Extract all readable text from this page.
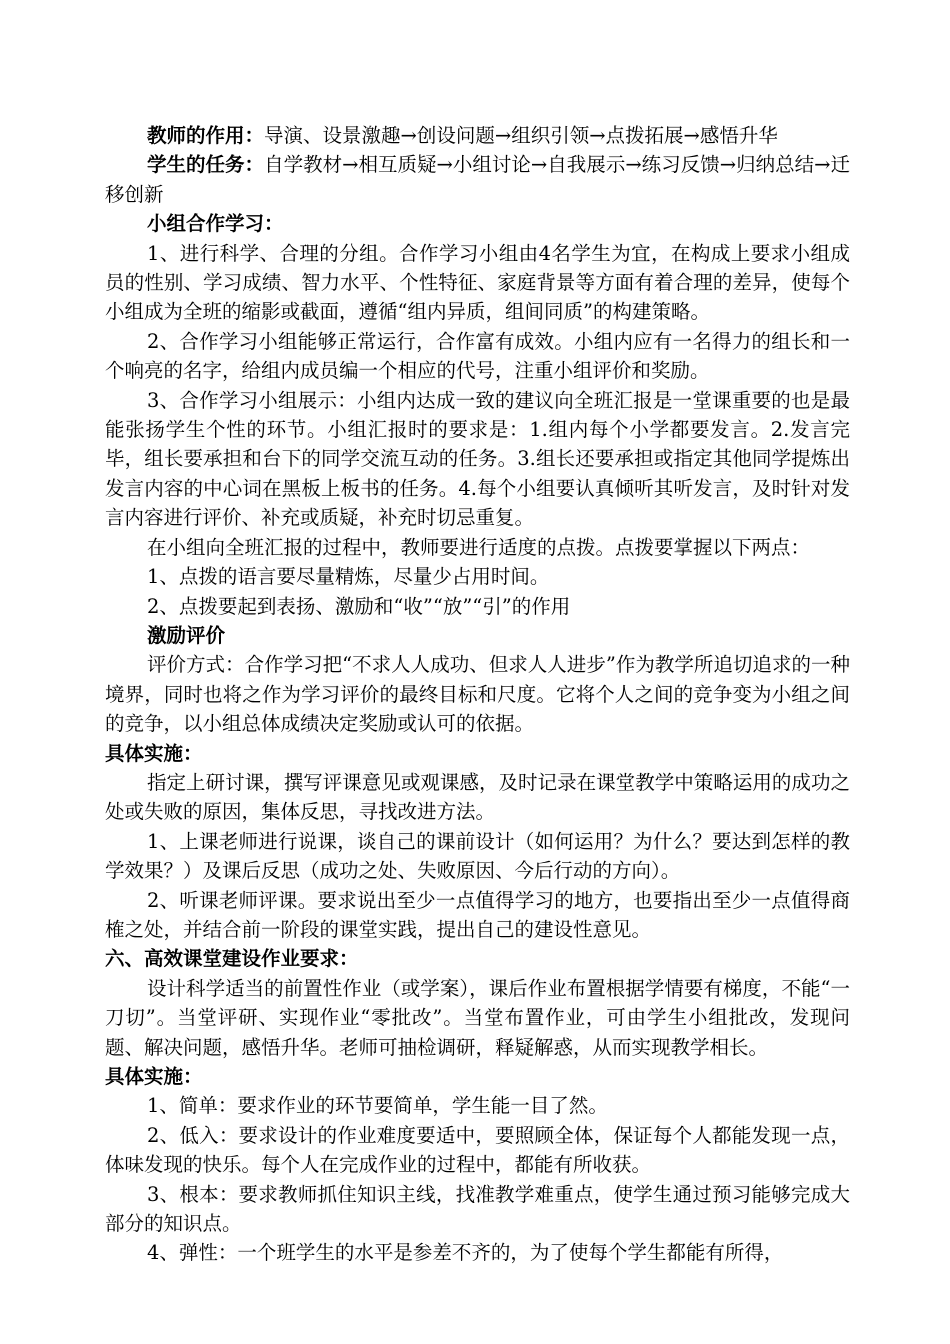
教师的作用：导演、设景激趣→创设问题→组织引领→点拨拓展→感悟升华

学生的任务：自学教材→相互质疑→小组讨论→自我展示→练习反馈→归纳总结→迁移创新

小组合作学习：

1、进行科学、合理的分组。合作学习小组由4名学生为宜，在构成上要求小组成员的性别、学习成绩、智力水平、个性特征、家庭背景等方面有着合理的差异，使每个小组成为全班的缩影或截面，遵循“组内异质，组间同质”的构建策略。

2、合作学习小组能够正常运行，合作富有成效。小组内应有一名得力的组长和一个响亮的名字，给组内成员编一个相应的代号，注重小组评价和奖励。

3、合作学习小组展示：小组内达成一致的建议向全班汇报是一堂课重要的也是最能张扬学生个性的环节。小组汇报时的要求是：1.组内每个小学都要发言。2.发言完毕，组长要承担和台下的同学交流互动的任务。3.组长还要承担或指定其他同学提炼出发言内容的中心词在黑板上板书的任务。4.每个小组要认真倾听其听发言，及时针对发言内容进行评价、补充或质疑，补充时切忌重复。

在小组向全班汇报的过程中，教师要进行适度的点拨。点拨要掌握以下两点：

1、点拨的语言要尽量精炼，尽量少占用时间。

2、点拨要起到表扬、激励和“收”“放”“引”的作用

激励评价

评价方式：合作学习把“不求人人成功、但求人人进步”作为教学所追切追求的一种境界，同时也将之作为学习评价的最终目标和尺度。它将个人之间的竞争变为小组之间的竞争，以小组总体成绩决定奖励或认可的依据。

具体实施：

指定上研讨课，撰写评课意见或观课感，及时记录在课堂教学中策略运用的成功之处或失败的原因，集体反思，寻找改进方法。

1、上课老师进行说课，谈自己的课前设计（如何运用？为什么？要达到怎样的教学效果？）及课后反思（成功之处、失败原因、今后行动的方向）。

2、听课老师评课。要求说出至少一点值得学习的地方，也要指出至少一点值得商榷之处，并结合前一阶段的课堂实践，提出自己的建设性意见。

六、高效课堂建设作业要求：

设计科学适当的前置性作业（或学案），课后作业布置根据学情要有梯度，不能“一刀切”。当堂评研、实现作业“零批改”。当堂布置作业，可由学生小组批改，发现问题、解决问题，感悟升华。老师可抽检调研，释疑解惑，从而实现教学相长。

具体实施：

1、简单：要求作业的环节要简单，学生能一目了然。

2、低入：要求设计的作业难度要适中，要照顾全体，保证每个人都能发现一点，体味发现的快乐。每个人在完成作业的过程中，都能有所收获。

3、根本：要求教师抓住知识主线，找准教学难重点，使学生通过预习能够完成大部分的知识点。

4、弹性：一个班学生的水平是参差不齐的，为了使每个学生都能有所得，
